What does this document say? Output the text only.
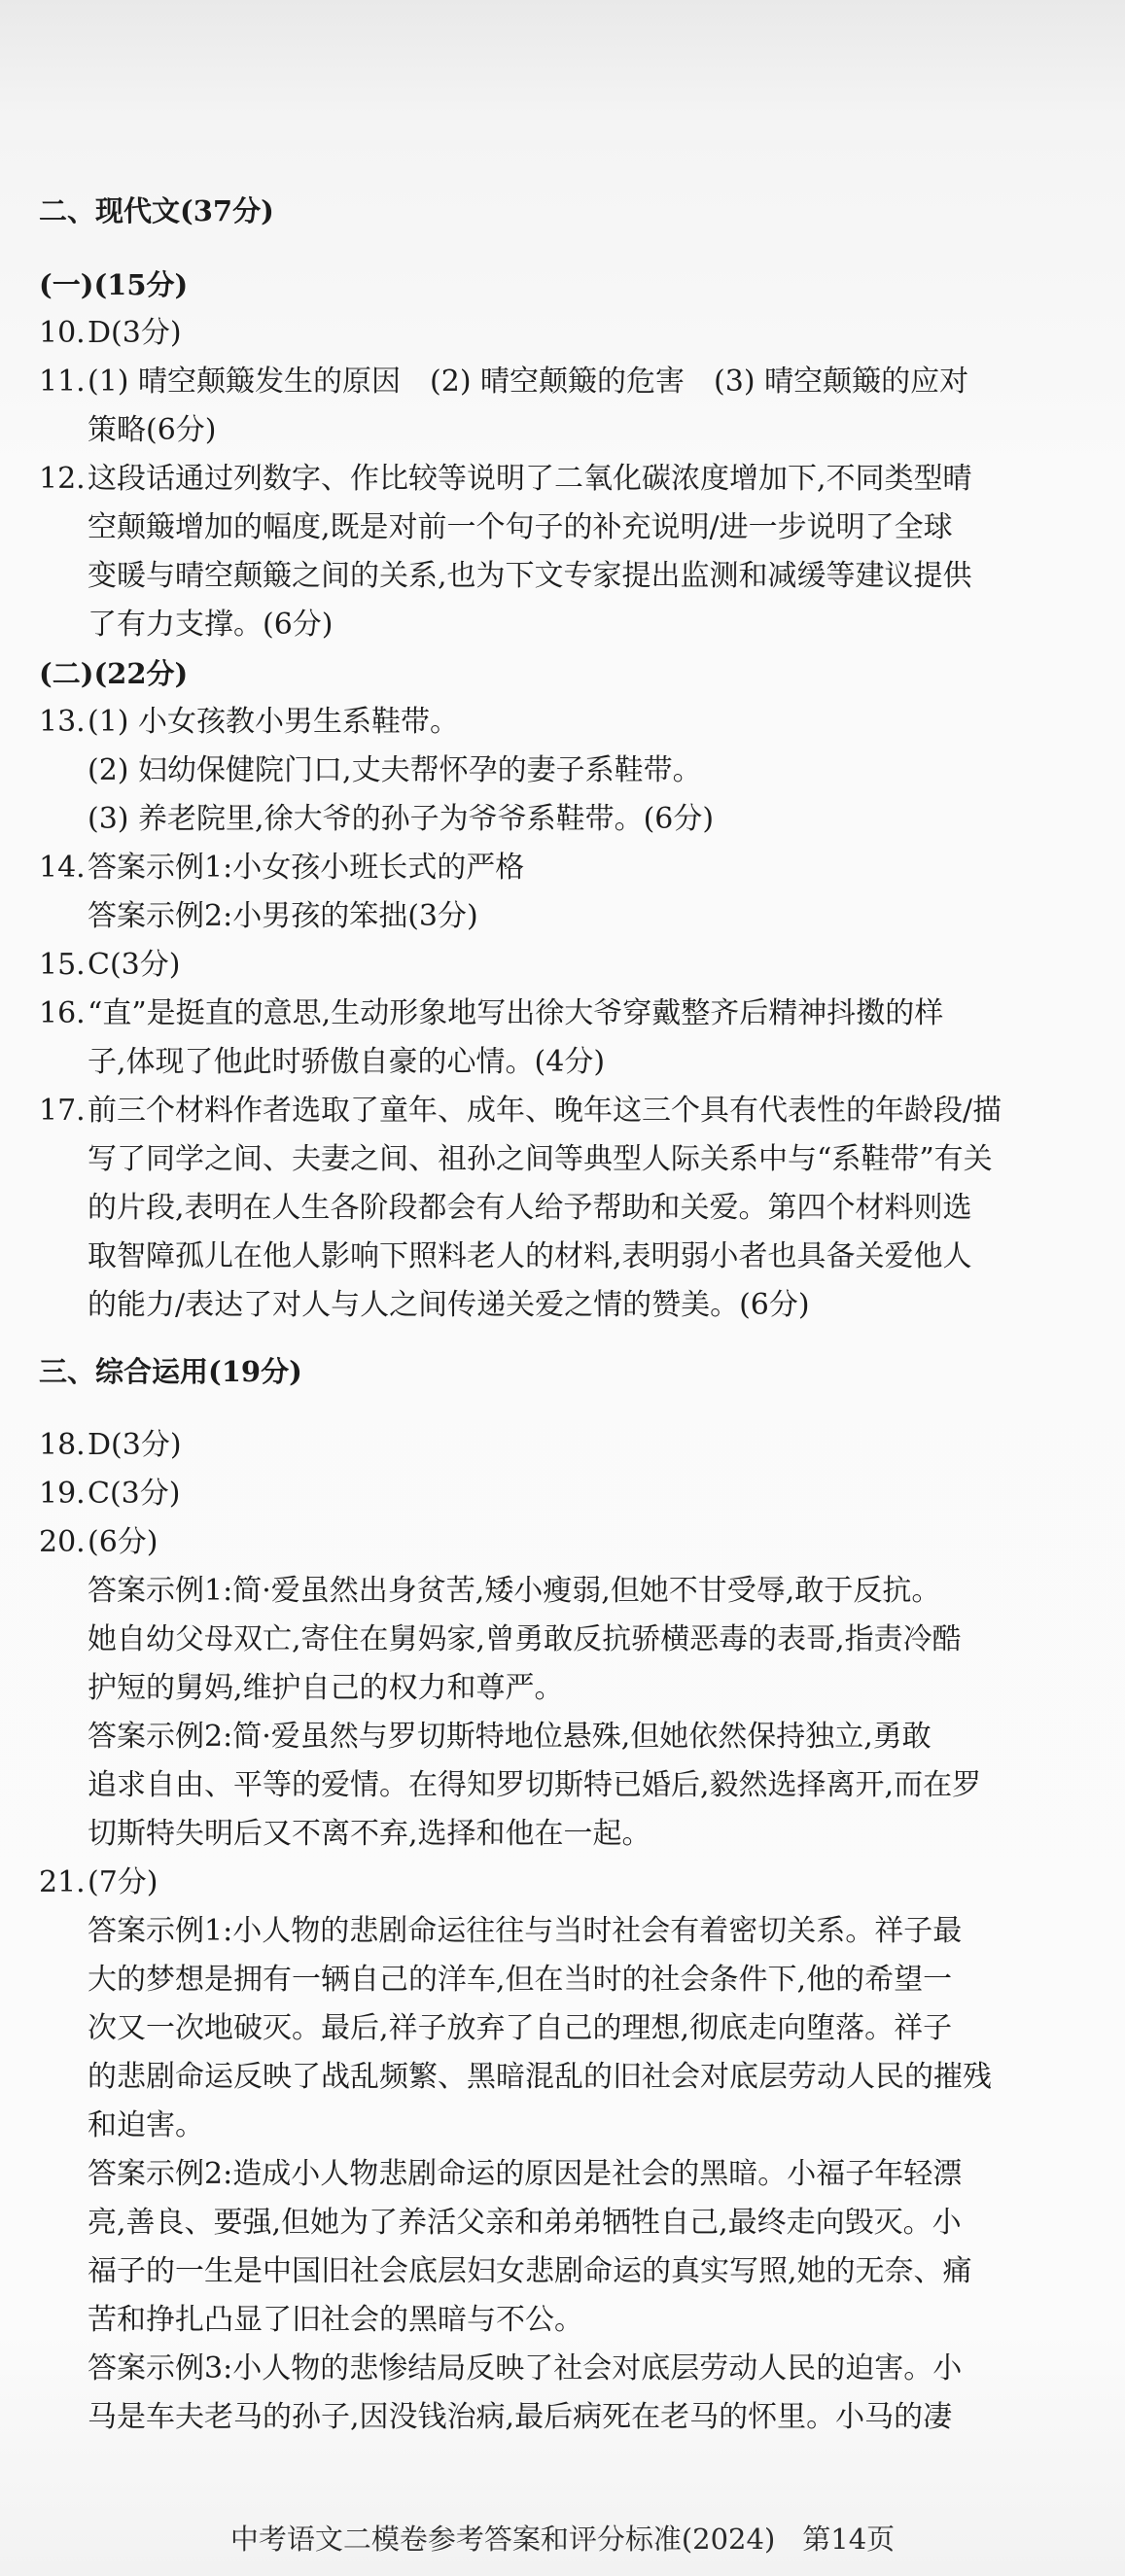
二、现代文(37分)
(一)(15分)
10. D(3分)
11. (1) 晴空颠簸发生的原因　(2) 晴空颠簸的危害　(3) 晴空颠簸的应对
策略(6分)
12. 这段话通过列数字、作比较等说明了二氧化碳浓度增加下,不同类型晴
空颠簸增加的幅度,既是对前一个句子的补充说明/进一步说明了全球
变暖与晴空颠簸之间的关系,也为下文专家提出监测和减缓等建议提供
了有力支撑。(6分)
(二)(22分)
13. (1) 小女孩教小男生系鞋带。
(2) 妇幼保健院门口,丈夫帮怀孕的妻子系鞋带。
(3) 养老院里,徐大爷的孙子为爷爷系鞋带。(6分)
14. 答案示例1:小女孩小班长式的严格
答案示例2:小男孩的笨拙(3分)
15. C(3分)
16. “直”是挺直的意思,生动形象地写出徐大爷穿戴整齐后精神抖擞的样
子,体现了他此时骄傲自豪的心情。(4分)
17. 前三个材料作者选取了童年、成年、晚年这三个具有代表性的年龄段/描
写了同学之间、夫妻之间、祖孙之间等典型人际关系中与“系鞋带”有关
的片段,表明在人生各阶段都会有人给予帮助和关爱。第四个材料则选
取智障孤儿在他人影响下照料老人的材料,表明弱小者也具备关爱他人
的能力/表达了对人与人之间传递关爱之情的赞美。(6分)
三、综合运用(19分)
18. D(3分)
19. C(3分)
20. (6分)
答案示例1:简·爱虽然出身贫苦,矮小瘦弱,但她不甘受辱,敢于反抗。
她自幼父母双亡,寄住在舅妈家,曾勇敢反抗骄横恶毒的表哥,指责冷酷
护短的舅妈,维护自己的权力和尊严。
答案示例2:简·爱虽然与罗切斯特地位悬殊,但她依然保持独立,勇敢
追求自由、平等的爱情。在得知罗切斯特已婚后,毅然选择离开,而在罗
切斯特失明后又不离不弃,选择和他在一起。
21. (7分)
答案示例1:小人物的悲剧命运往往与当时社会有着密切关系。祥子最
大的梦想是拥有一辆自己的洋车,但在当时的社会条件下,他的希望一
次又一次地破灭。最后,祥子放弃了自己的理想,彻底走向堕落。祥子
的悲剧命运反映了战乱频繁、黑暗混乱的旧社会对底层劳动人民的摧残
和迫害。
答案示例2:造成小人物悲剧命运的原因是社会的黑暗。小福子年轻漂
亮,善良、要强,但她为了养活父亲和弟弟牺牲自己,最终走向毁灭。小
福子的一生是中国旧社会底层妇女悲剧命运的真实写照,她的无奈、痛
苦和挣扎凸显了旧社会的黑暗与不公。
答案示例3:小人物的悲惨结局反映了社会对底层劳动人民的迫害。小
马是车夫老马的孙子,因没钱治病,最后病死在老马的怀里。小马的凄
中考语文二模卷参考答案和评分标准(2024) 第14页
